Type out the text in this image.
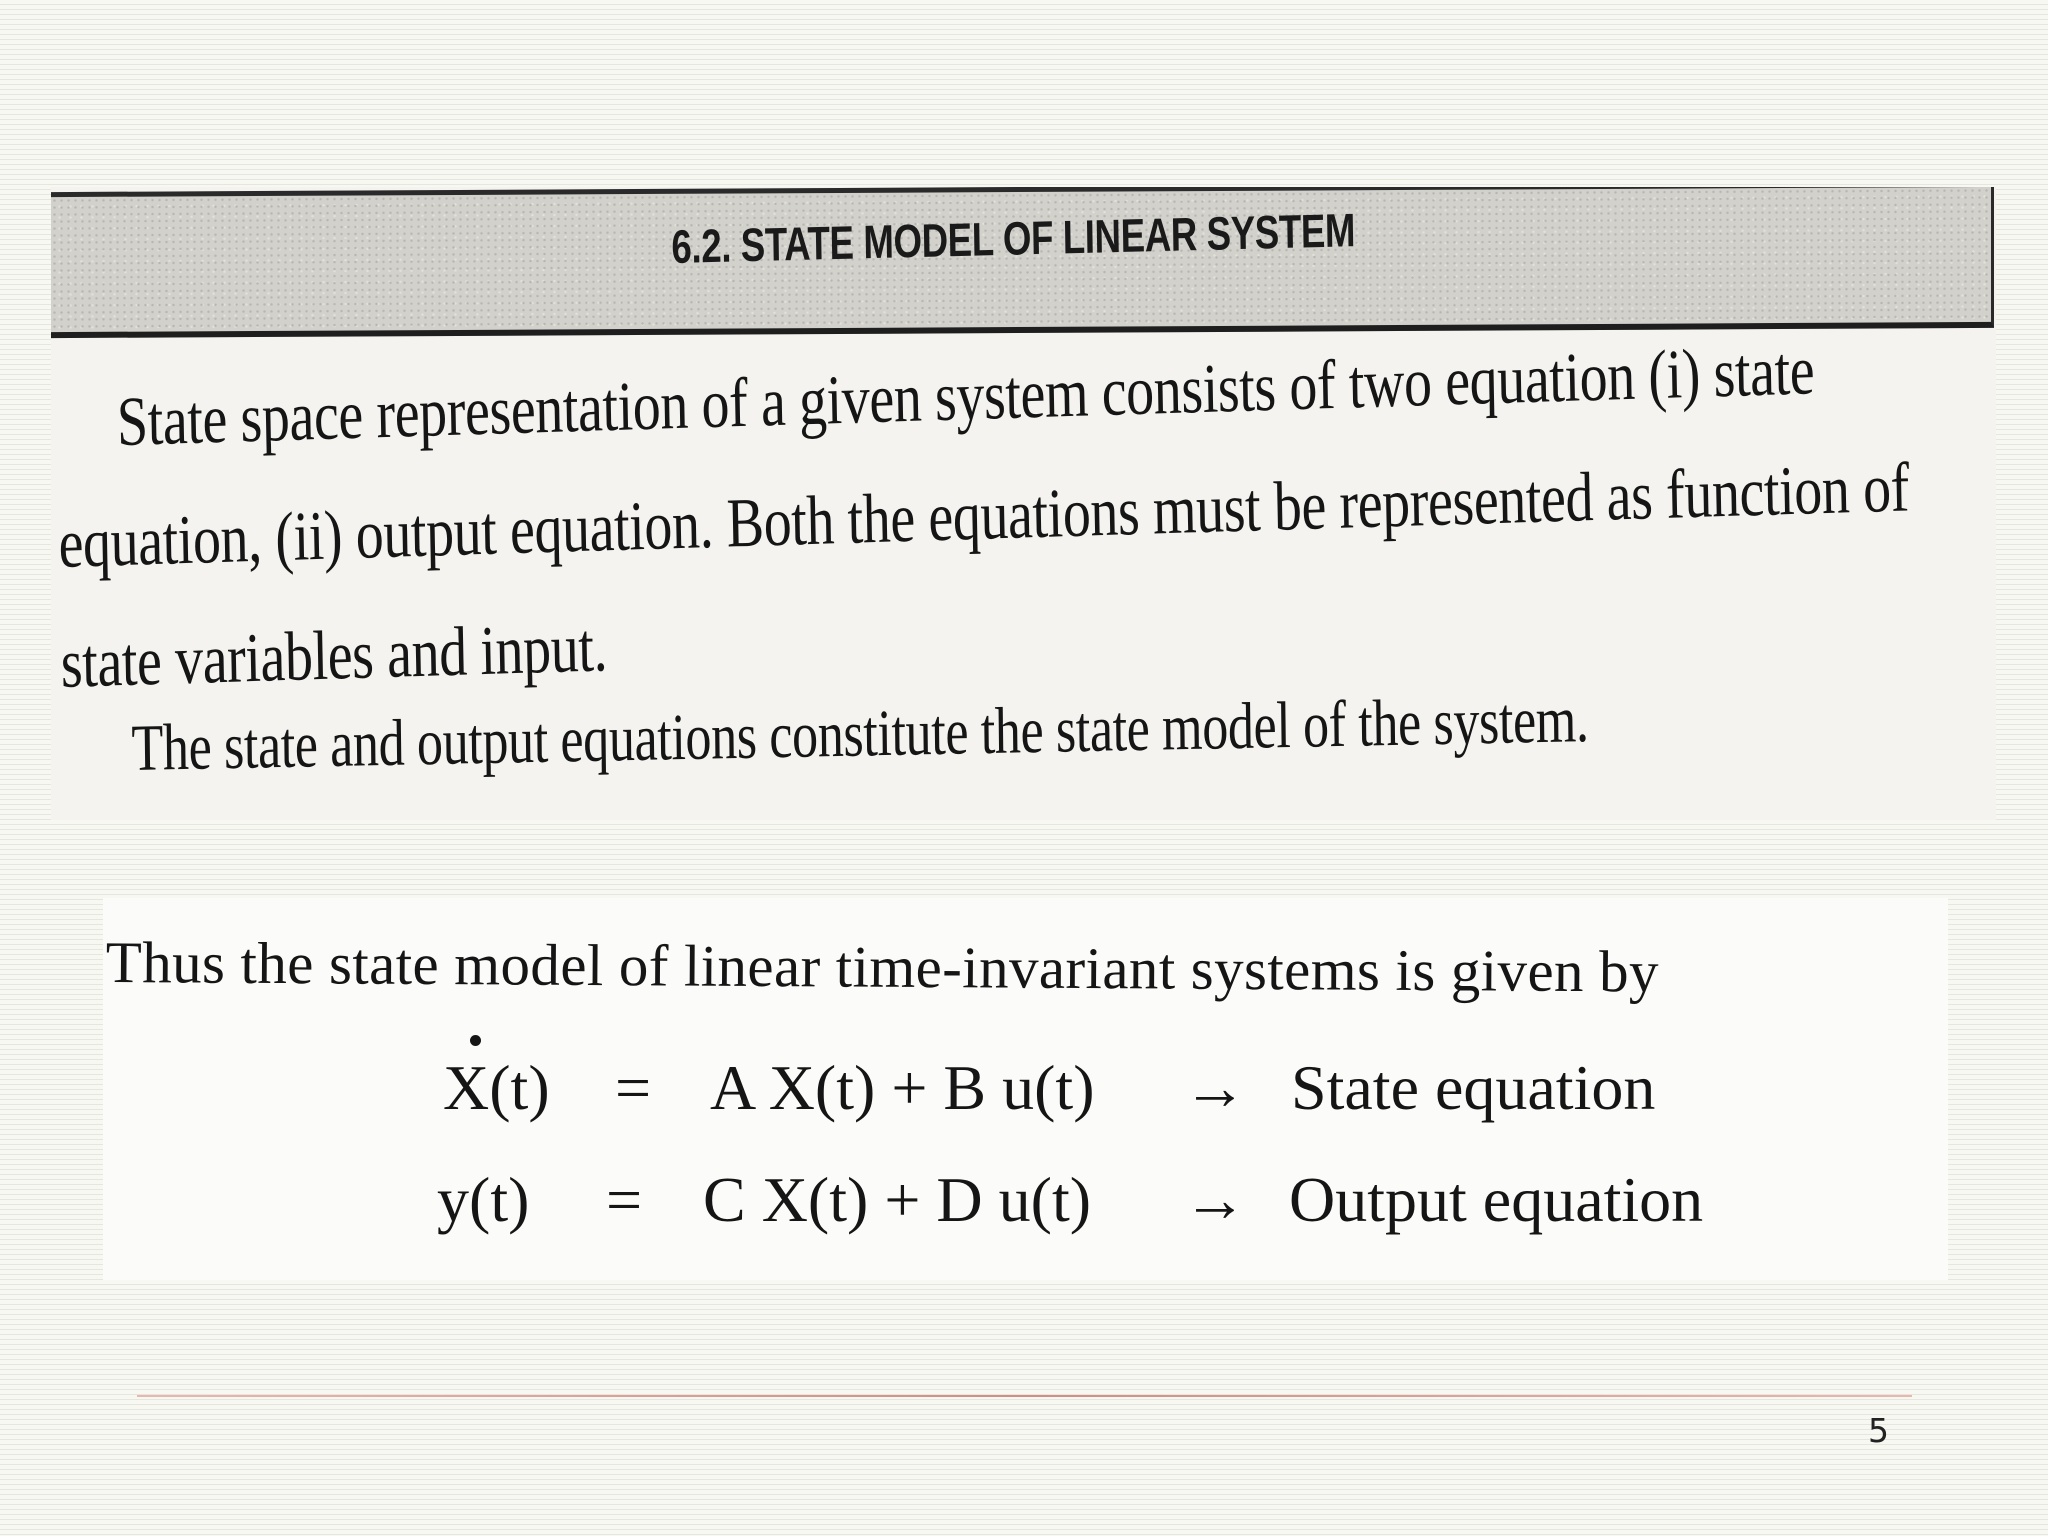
6.2. STATE MODEL OF LINEAR SYSTEM

State space representation of a given system consists of two equation (i) state equation, (ii) output equation. Both the equations must be represented as function of state variables and input.

The state and output equations constitute the state model of the system.

Thus the state model of linear time-invariant systems is given by

X(t) = A X(t) + B u(t) → State equation
y(t) = C X(t) + D u(t) → Output equation
5
